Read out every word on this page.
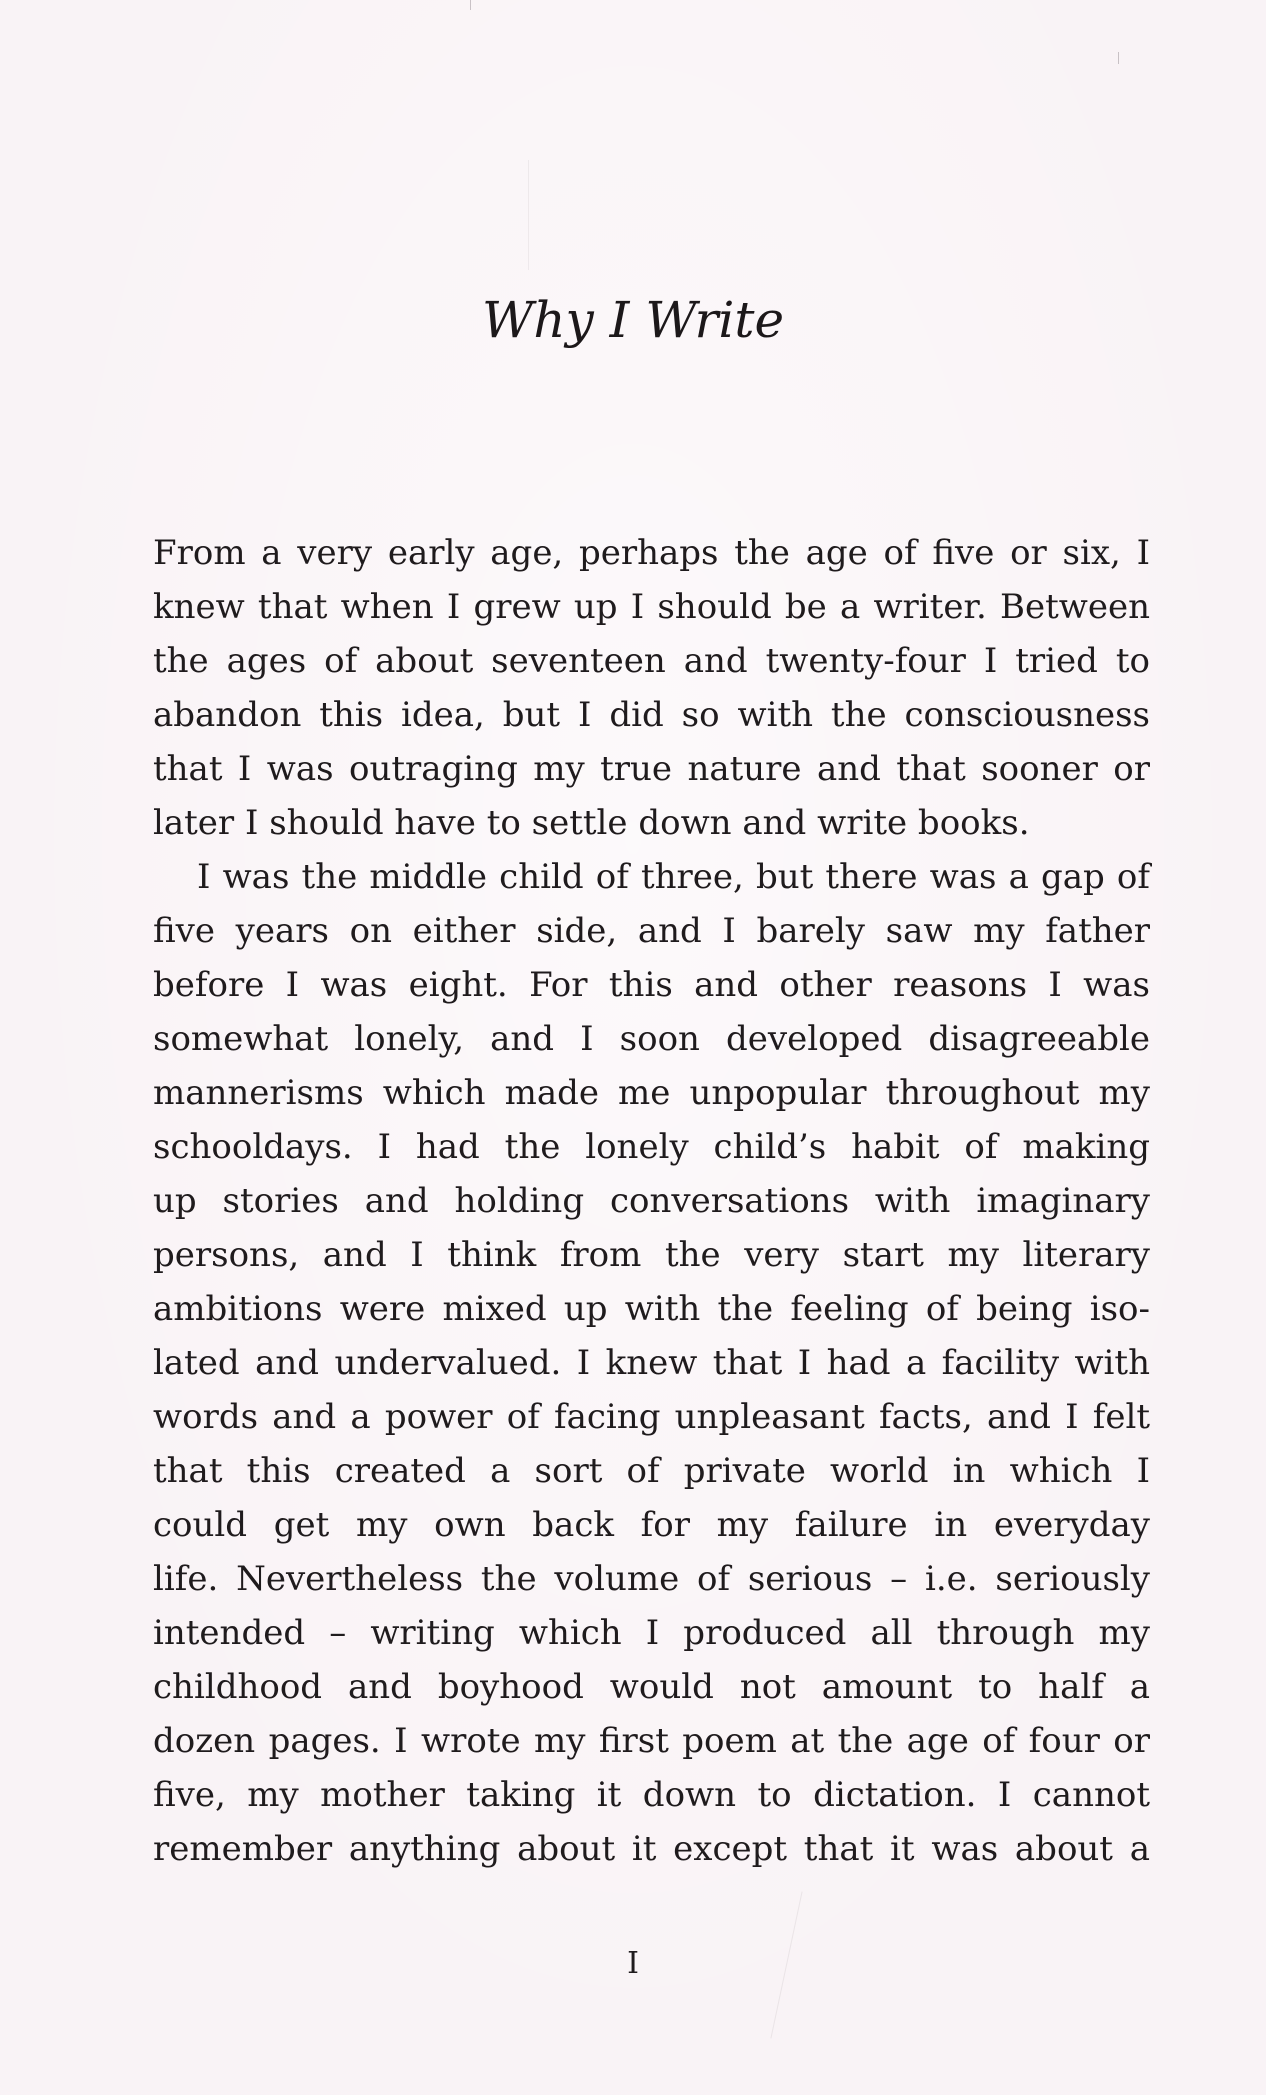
Why I Write
From a very early age, perhaps the age of five or six, I
knew that when I grew up I should be a writer. Between
the ages of about seventeen and twenty-four I tried to
abandon this idea, but I did so with the consciousness
that I was outraging my true nature and that sooner or
later I should have to settle down and write books.
I was the middle child of three, but there was a gap of
five years on either side, and I barely saw my father
before I was eight. For this and other reasons I was
somewhat lonely, and I soon developed disagreeable
mannerisms which made me unpopular throughout my
schooldays. I had the lonely child’s habit of making
up stories and holding conversations with imaginary
persons, and I think from the very start my literary
ambitions were mixed up with the feeling of being iso-
lated and undervalued. I knew that I had a facility with
words and a power of facing unpleasant facts, and I felt
that this created a sort of private world in which I
could get my own back for my failure in everyday
life. Nevertheless the volume of serious – i.e. seriously
intended – writing which I produced all through my
childhood and boyhood would not amount to half a
dozen pages. I wrote my first poem at the age of four or
five, my mother taking it down to dictation. I cannot
remember anything about it except that it was about a
I
